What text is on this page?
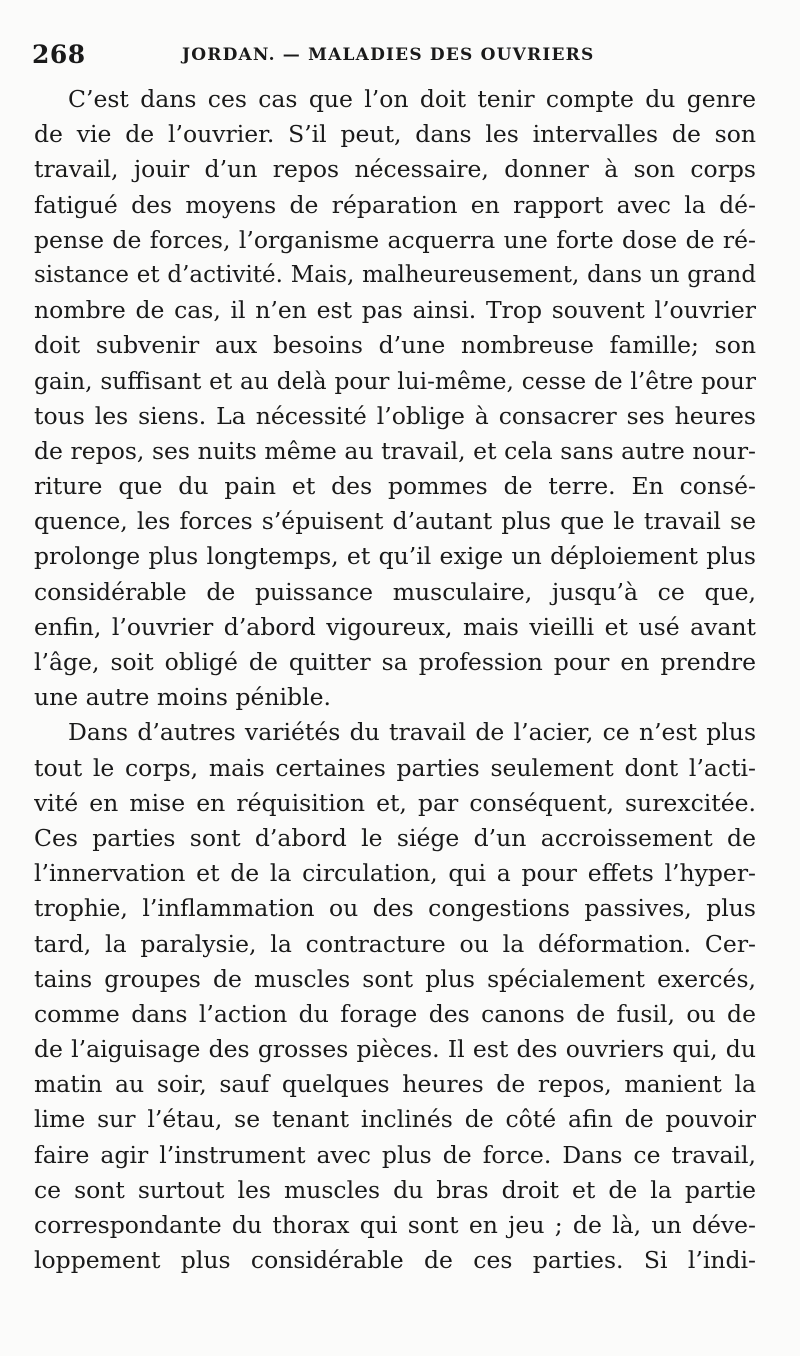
268	JORDAN. — MALADIES DES OUVRIERS
C’est dans ces cas que l’on doit tenir compte du genre
de vie de l’ouvrier. S’il peut, dans les intervalles de son
travail, jouir d’un repos nécessaire, donner à son corps
fatigué des moyens de réparation en rapport avec la dé-
pense de forces, l’organisme acquerra une forte dose de ré-
sistance et d’activité. Mais, malheureusement, dans un grand
nombre de cas, il n’en est pas ainsi. Trop souvent l’ouvrier
doit subvenir aux besoins d’une nombreuse famille; son
gain, suffisant et au delà pour lui-même, cesse de l’être pour
tous les siens. La nécessité l’oblige à consacrer ses heures
de repos, ses nuits même au travail, et cela sans autre nour-
riture que du pain et des pommes de terre. En consé-
quence, les forces s’épuisent d’autant plus que le travail se
prolonge plus longtemps, et qu’il exige un déploiement plus
considérable de puissance musculaire, jusqu’à ce que,
enfin, l’ouvrier d’abord vigoureux, mais vieilli et usé avant
l’âge, soit obligé de quitter sa profession pour en prendre
une autre moins pénible.
Dans d’autres variétés du travail de l’acier, ce n’est plus
tout le corps, mais certaines parties seulement dont l’acti-
vité en mise en réquisition et, par conséquent, surexcitée.
Ces parties sont d’abord le siége d’un accroissement de
l’innervation et de la circulation, qui a pour effets l’hyper-
trophie, l’inflammation ou des congestions passives, plus
tard, la paralysie, la contracture ou la déformation. Cer-
tains groupes de muscles sont plus spécialement exercés,
comme dans l’action du forage des canons de fusil, ou de
de l’aiguisage des grosses pièces. Il est des ouvriers qui, du
matin au soir, sauf quelques heures de repos, manient la
lime sur l’étau, se tenant inclinés de côté afin de pouvoir
faire agir l’instrument avec plus de force. Dans ce travail,
ce sont surtout les muscles du bras droit et de la partie
correspondante du thorax qui sont en jeu ; de là, un déve-
loppement plus considérable de ces parties. Si l’indi-
